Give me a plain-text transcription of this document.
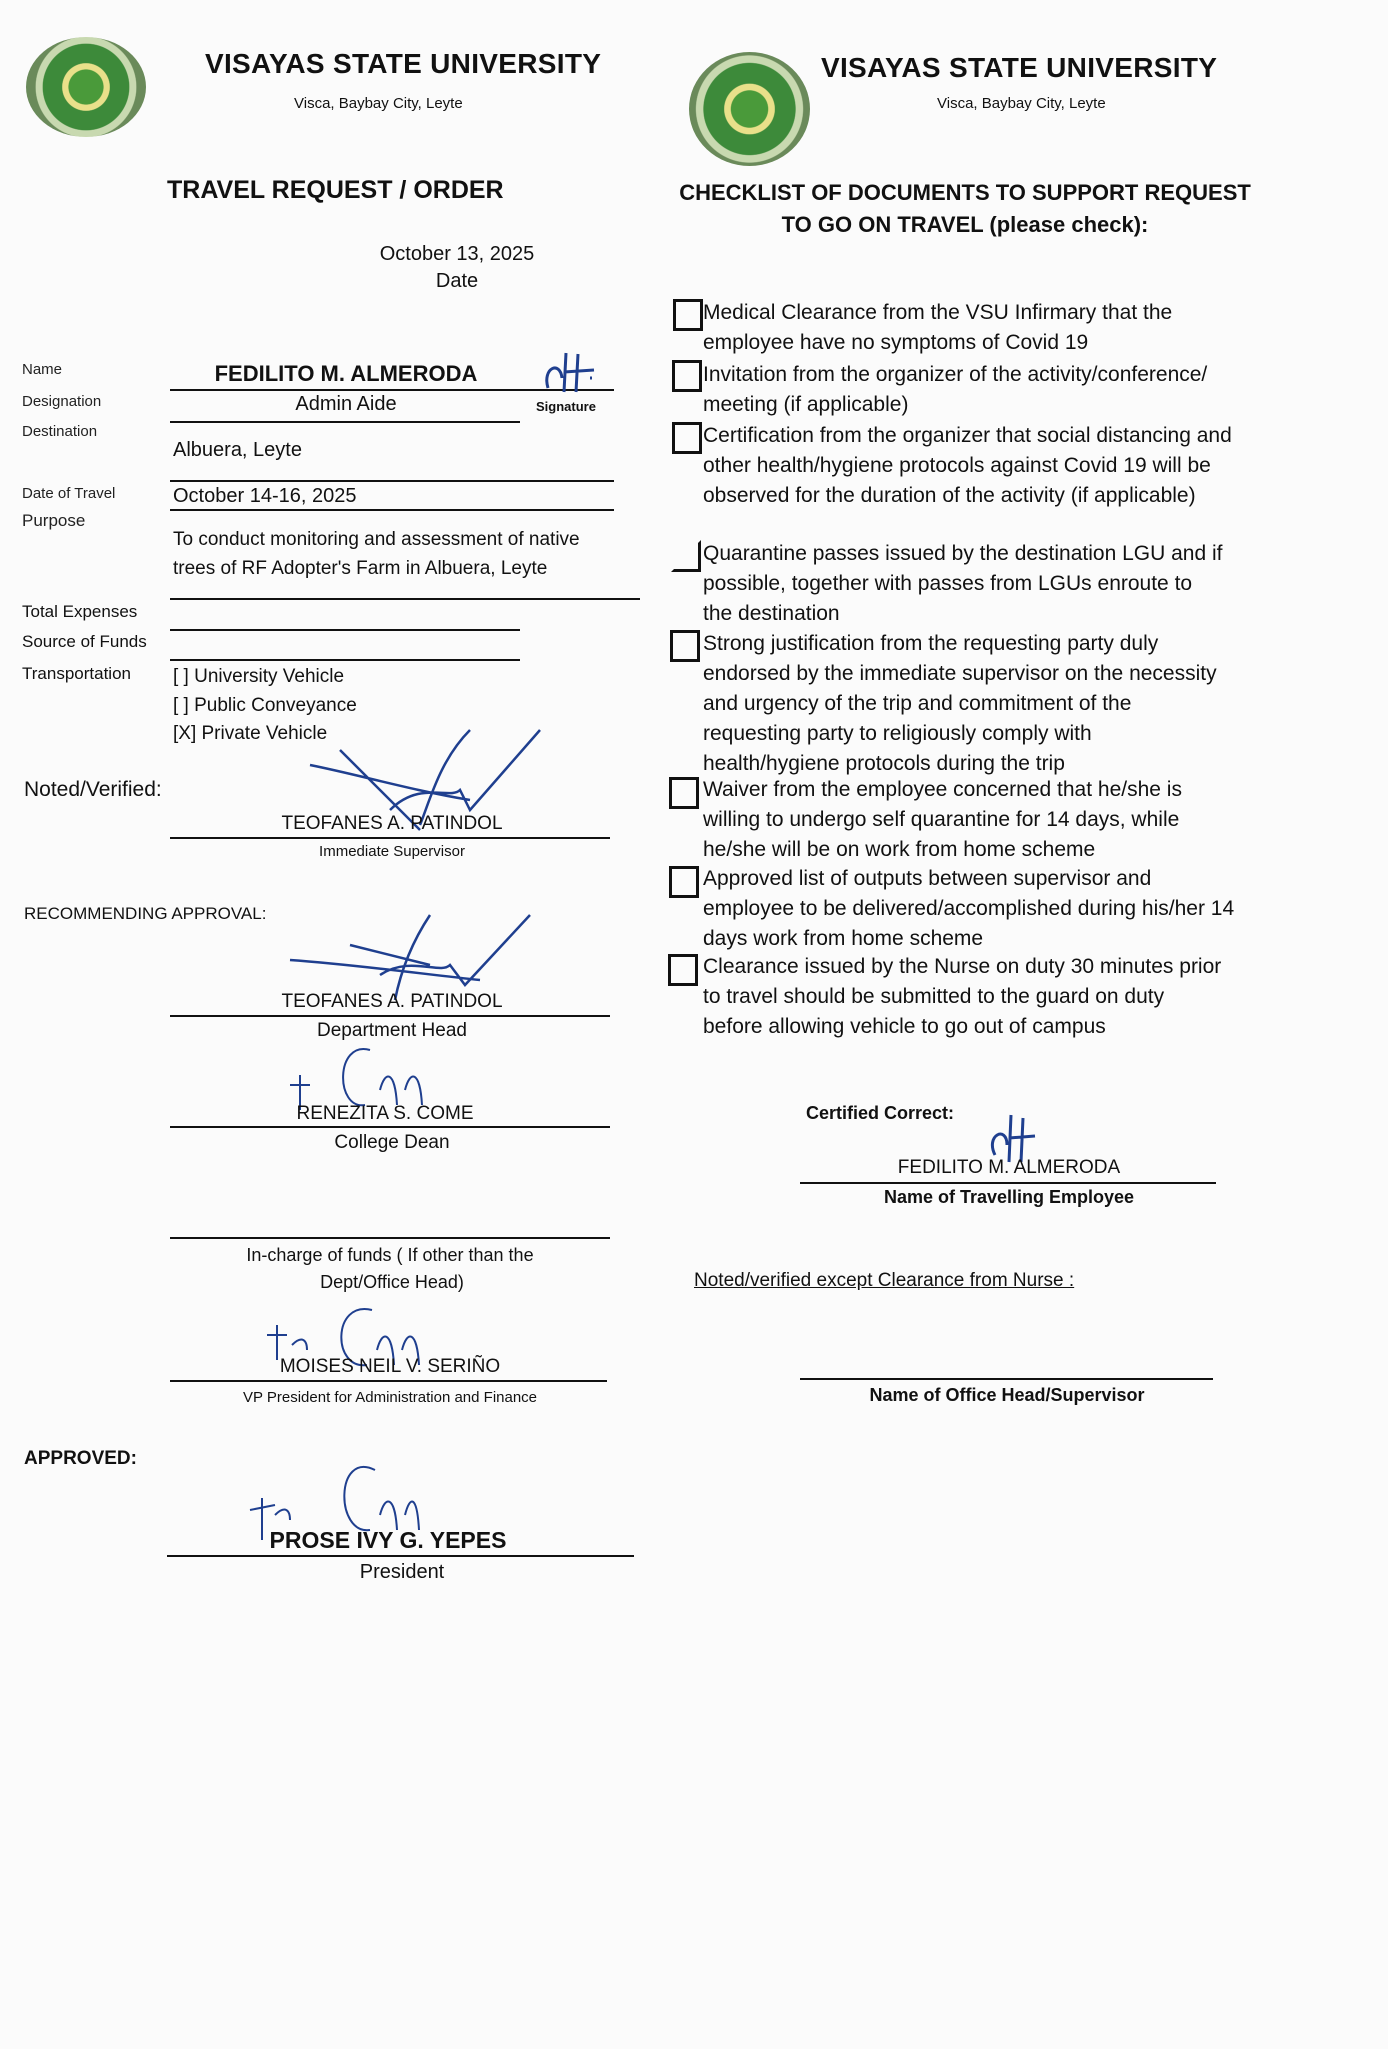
VISAYAS STATE UNIVERSITY
Visca, Baybay City, Leyte
VISAYAS STATE UNIVERSITY
Visca, Baybay City, Leyte
TRAVEL REQUEST / ORDER
October 13, 2025
Date
Name	FEDILITO M. ALMERODA
Designation	Admin Aide	Signature
Destination
Albuera, Leyte
Date of Travel	October 14-16, 2025
Purpose
To conduct monitoring and assessment of native
trees of RF Adopter's Farm in Albuera, Leyte
Total Expenses
Source of Funds
Transportation [ ] University Vehicle
[ ] Public Conveyance
[X] Private Vehicle
Noted/Verified:
TEOFANES A. PATINDOL
Immediate Supervisor
RECOMMENDING APPROVAL:
TEOFANES A. PATINDOL
Department Head
RENEZITA S. COME
College Dean
In-charge of funds ( If other than the
Dept/Office Head)
MOISES NEIL V. SERIÑO
VP President for Administration and Finance
APPROVED:
PROSE IVY G. YEPES
President
CHECKLIST OF DOCUMENTS TO SUPPORT REQUEST
TO GO ON TRAVEL (please check):
Medical Clearance from the VSU Infirmary that the employee have no symptoms of Covid 19
Invitation from the organizer of the activity/conference/ meeting (if applicable)
Certification from the organizer that social distancing and other health/hygiene protocols against Covid 19 will be observed for the duration of the activity (if applicable)
Quarantine passes issued by the destination LGU and if possible, together with passes from LGUs enroute to the destination
Strong justification from the requesting party duly endorsed by the immediate supervisor on the necessity and urgency of the trip and commitment of the requesting party to religiously comply with health/hygiene protocols during the trip
Waiver from the employee concerned that he/she is willing to undergo self quarantine for 14 days, while he/she will be on work from home scheme
Approved list of outputs between supervisor and employee to be delivered/accomplished during his/her 14 days work from home scheme
Clearance issued by the Nurse on duty 30 minutes prior to travel should be submitted to the guard on duty before allowing vehicle to go out of campus
Certified Correct:
FEDILITO M. ALMERODA
Name of Travelling Employee
Noted/verified except Clearance from Nurse :
Name of Office Head/Supervisor
